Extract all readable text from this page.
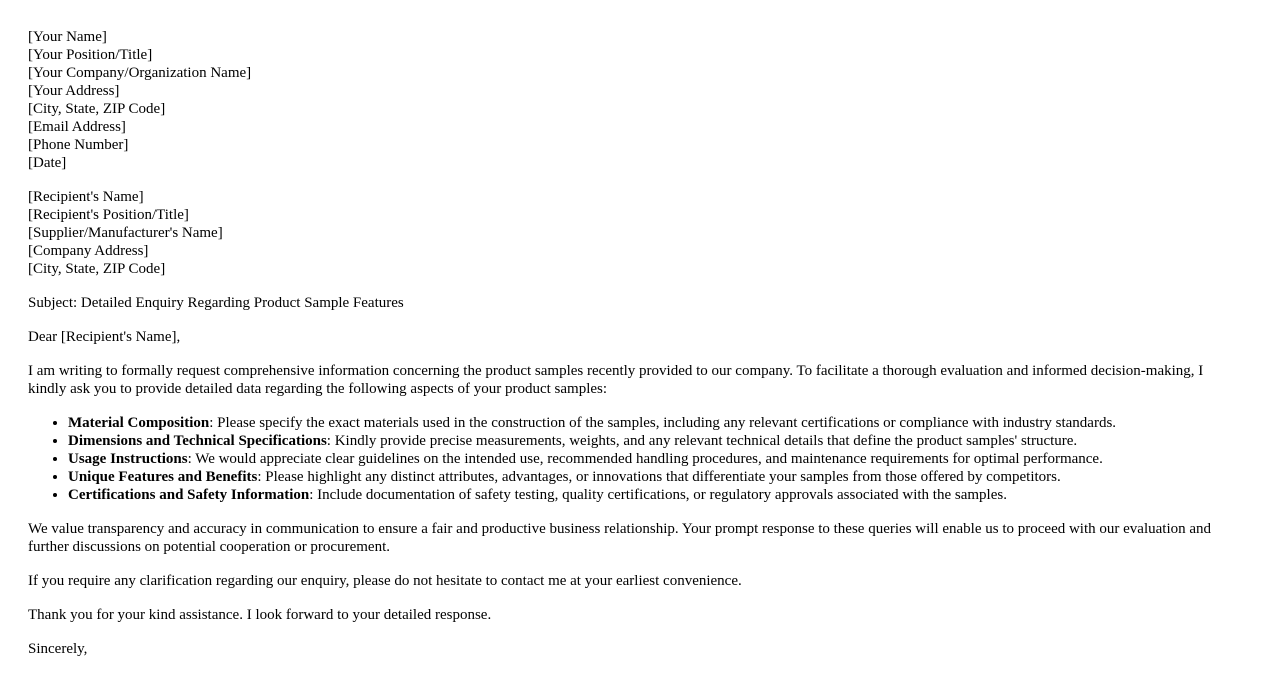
[Your Name]
[Your Position/Title]
[Your Company/Organization Name]
[Your Address]
[City, State, ZIP Code]
[Email Address]
[Phone Number]
[Date]
[Recipient's Name]
[Recipient's Position/Title]
[Supplier/Manufacturer's Name]
[Company Address]
[City, State, ZIP Code]

Subject: Detailed Enquiry Regarding Product Sample Features

Dear [Recipient's Name],

I am writing to formally request comprehensive information concerning the product samples recently provided to our company. To facilitate a thorough evaluation and informed decision-making, I kindly ask you to provide detailed data regarding the following aspects of your product samples:

• Material Composition: Please specify the exact materials used in the construction of the samples, including any relevant certifications or compliance with industry standards.
• Dimensions and Technical Specifications: Kindly provide precise measurements, weights, and any relevant technical details that define the product samples' structure.
• Usage Instructions: We would appreciate clear guidelines on the intended use, recommended handling procedures, and maintenance requirements for optimal performance.
• Unique Features and Benefits: Please highlight any distinct attributes, advantages, or innovations that differentiate your samples from those offered by competitors.
• Certifications and Safety Information: Include documentation of safety testing, quality certifications, or regulatory approvals associated with the samples.

We value transparency and accuracy in communication to ensure a fair and productive business relationship. Your prompt response to these queries will enable us to proceed with our evaluation and further discussions on potential cooperation or procurement.

If you require any clarification regarding our enquiry, please do not hesitate to contact me at your earliest convenience.

Thank you for your kind assistance. I look forward to your detailed response.

Sincerely,
